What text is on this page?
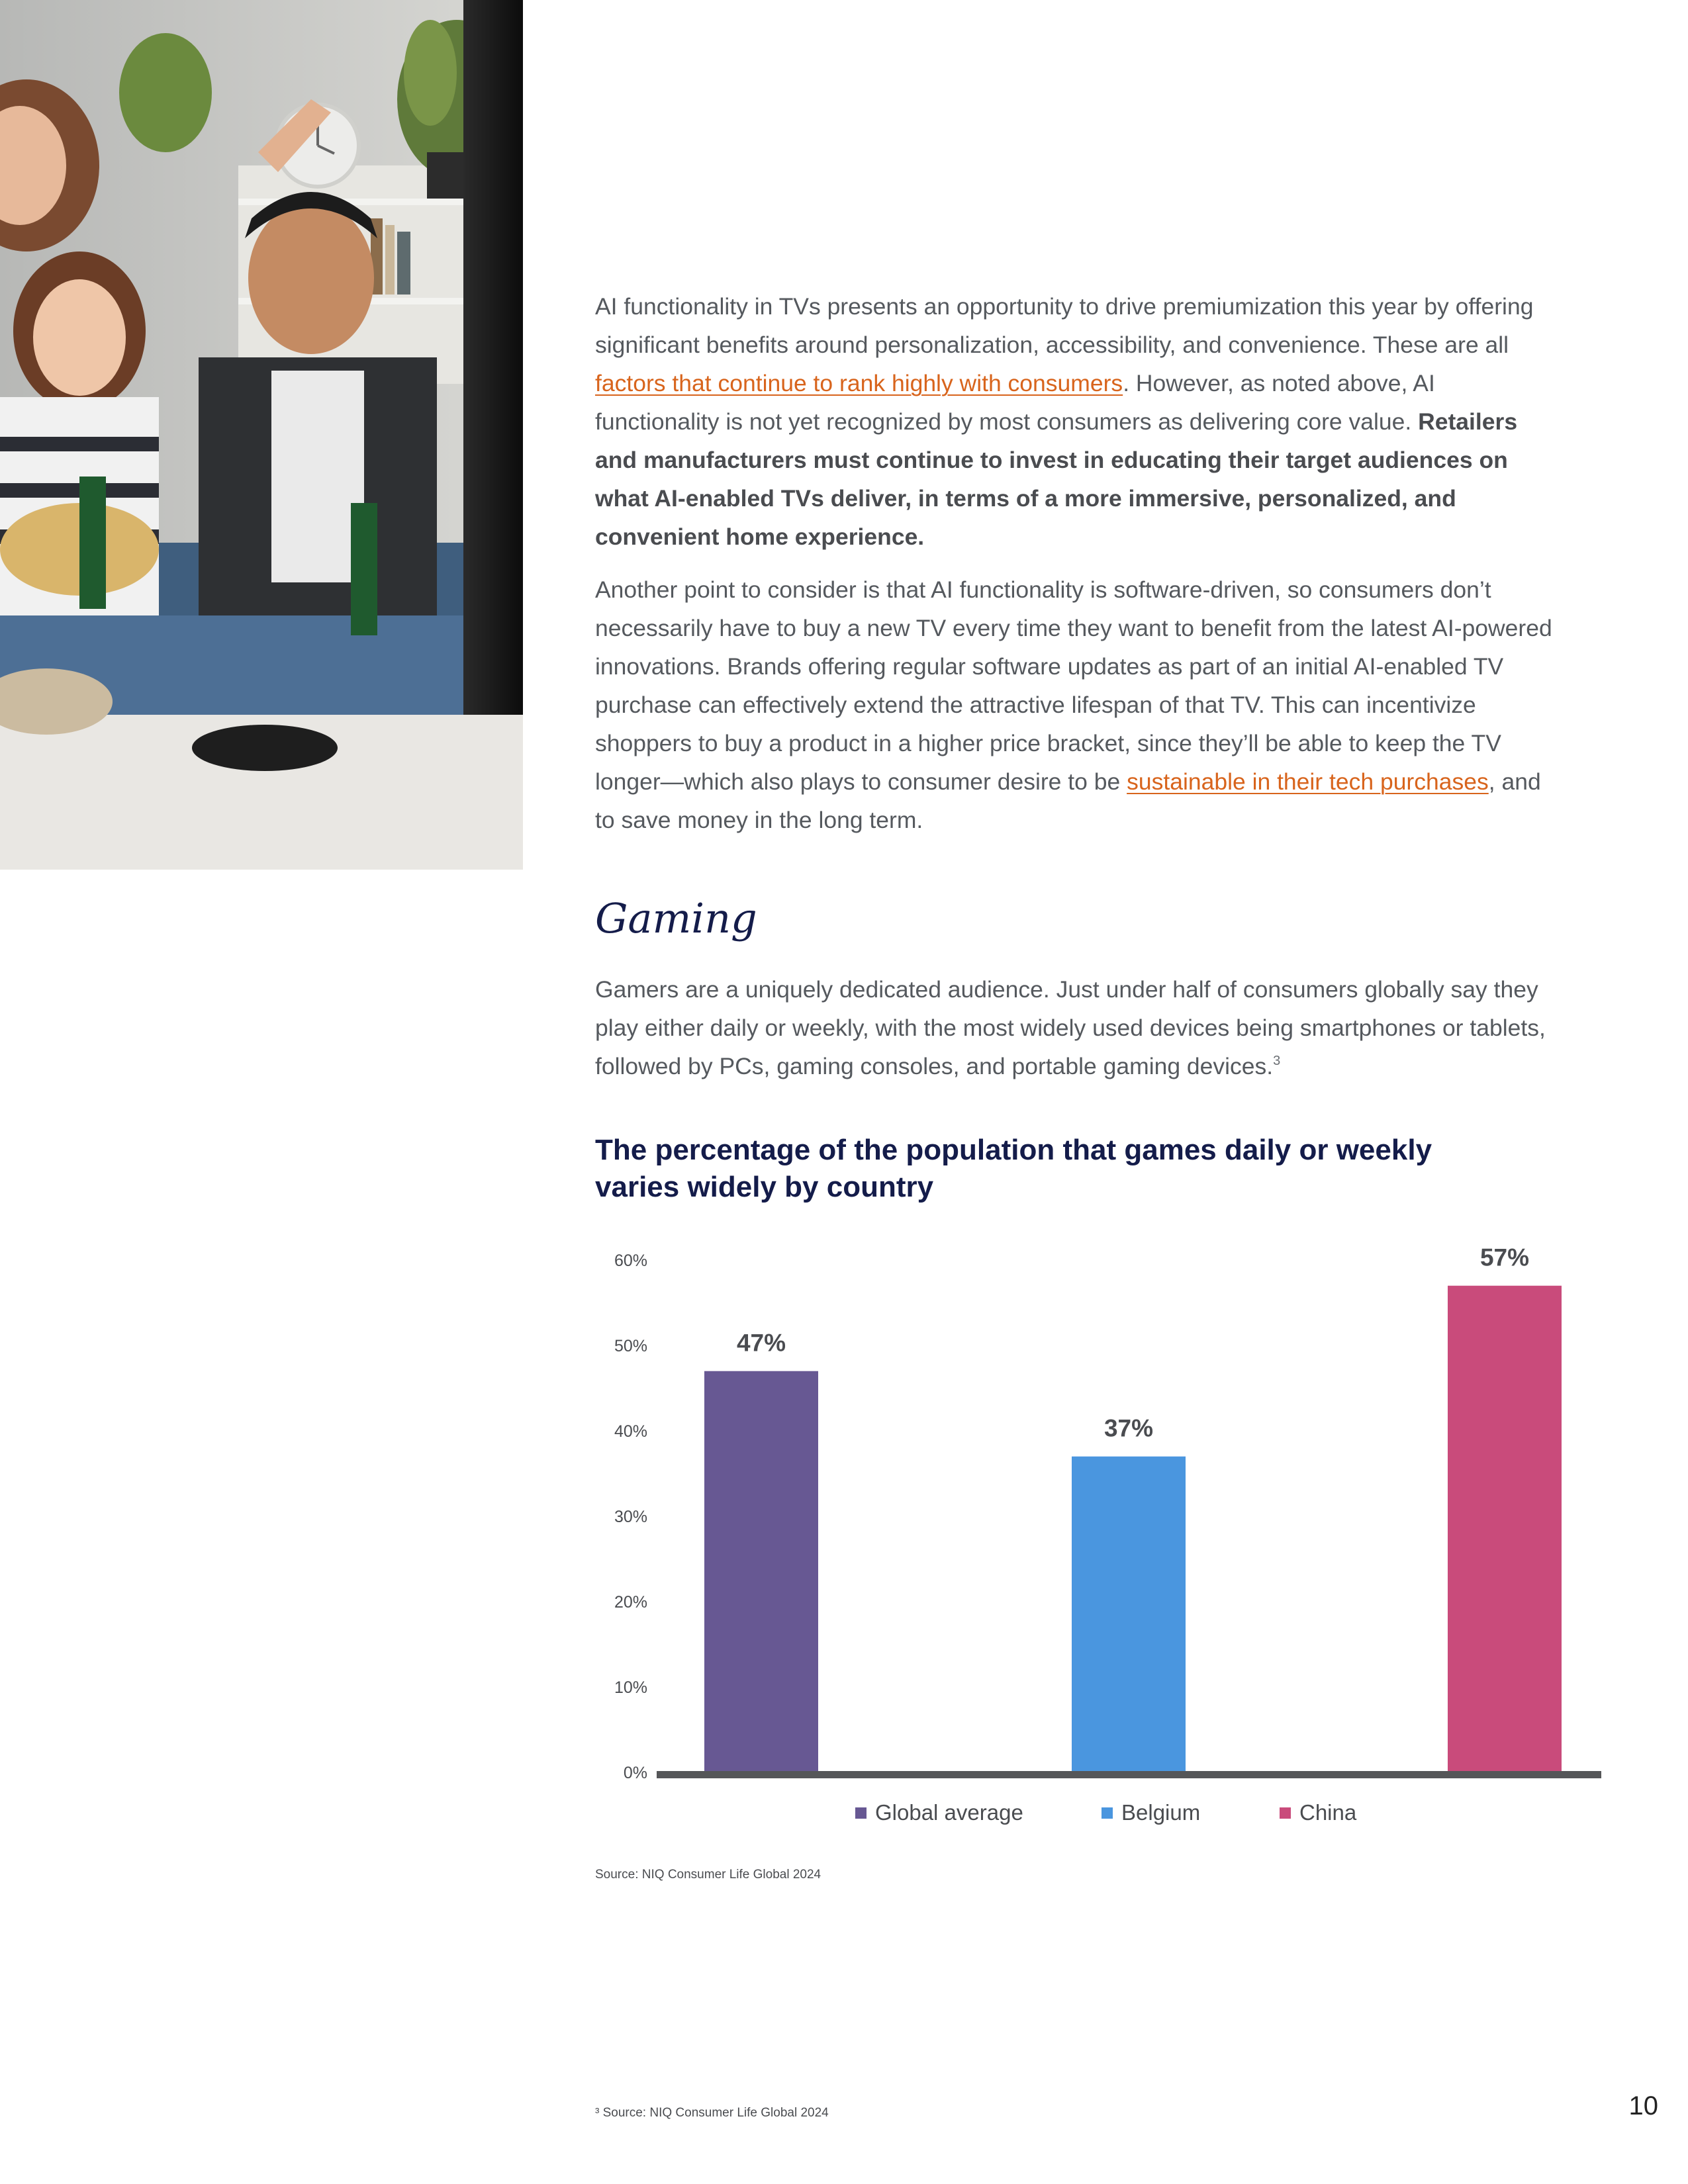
AI functionality in TVs presents an opportunity to drive premiumization this year by offering significant benefits around personalization, accessibility, and convenience. These are all factors that continue to rank highly with consumers. However, as noted above, AI functionality is not yet recognized by most consumers as delivering core value. Retailers and manufacturers must continue to invest in educating their target audiences on what AI-enabled TVs deliver, in terms of a more immersive, personalized, and convenient home experience.

Another point to consider is that AI functionality is software-driven, so consumers don’t necessarily have to buy a new TV every time they want to benefit from the latest AI-powered innovations. Brands offering regular software updates as part of an initial AI-enabled TV purchase can effectively extend the attractive lifespan of that TV. This can incentivize shoppers to buy a product in a higher price bracket, since they’ll be able to keep the TV longer—which also plays to consumer desire to be sustainable in their tech purchases, and to save money in the long term.

Gaming

Gamers are a uniquely dedicated audience. Just under half of consumers globally say they play either daily or weekly, with the most widely used devices being smartphones or tablets, followed by PCs, gaming consoles, and portable gaming devices.$^3$

The percentage of the population that games daily or weekly varies widely by country
0%
10%
20%
30%
40%
50%
60%
47%
37%
57%
Global average	Belgium	China

Source: NIQ Consumer Life Global 2024

³ Source: NIQ Consumer Life Global 2024	10
